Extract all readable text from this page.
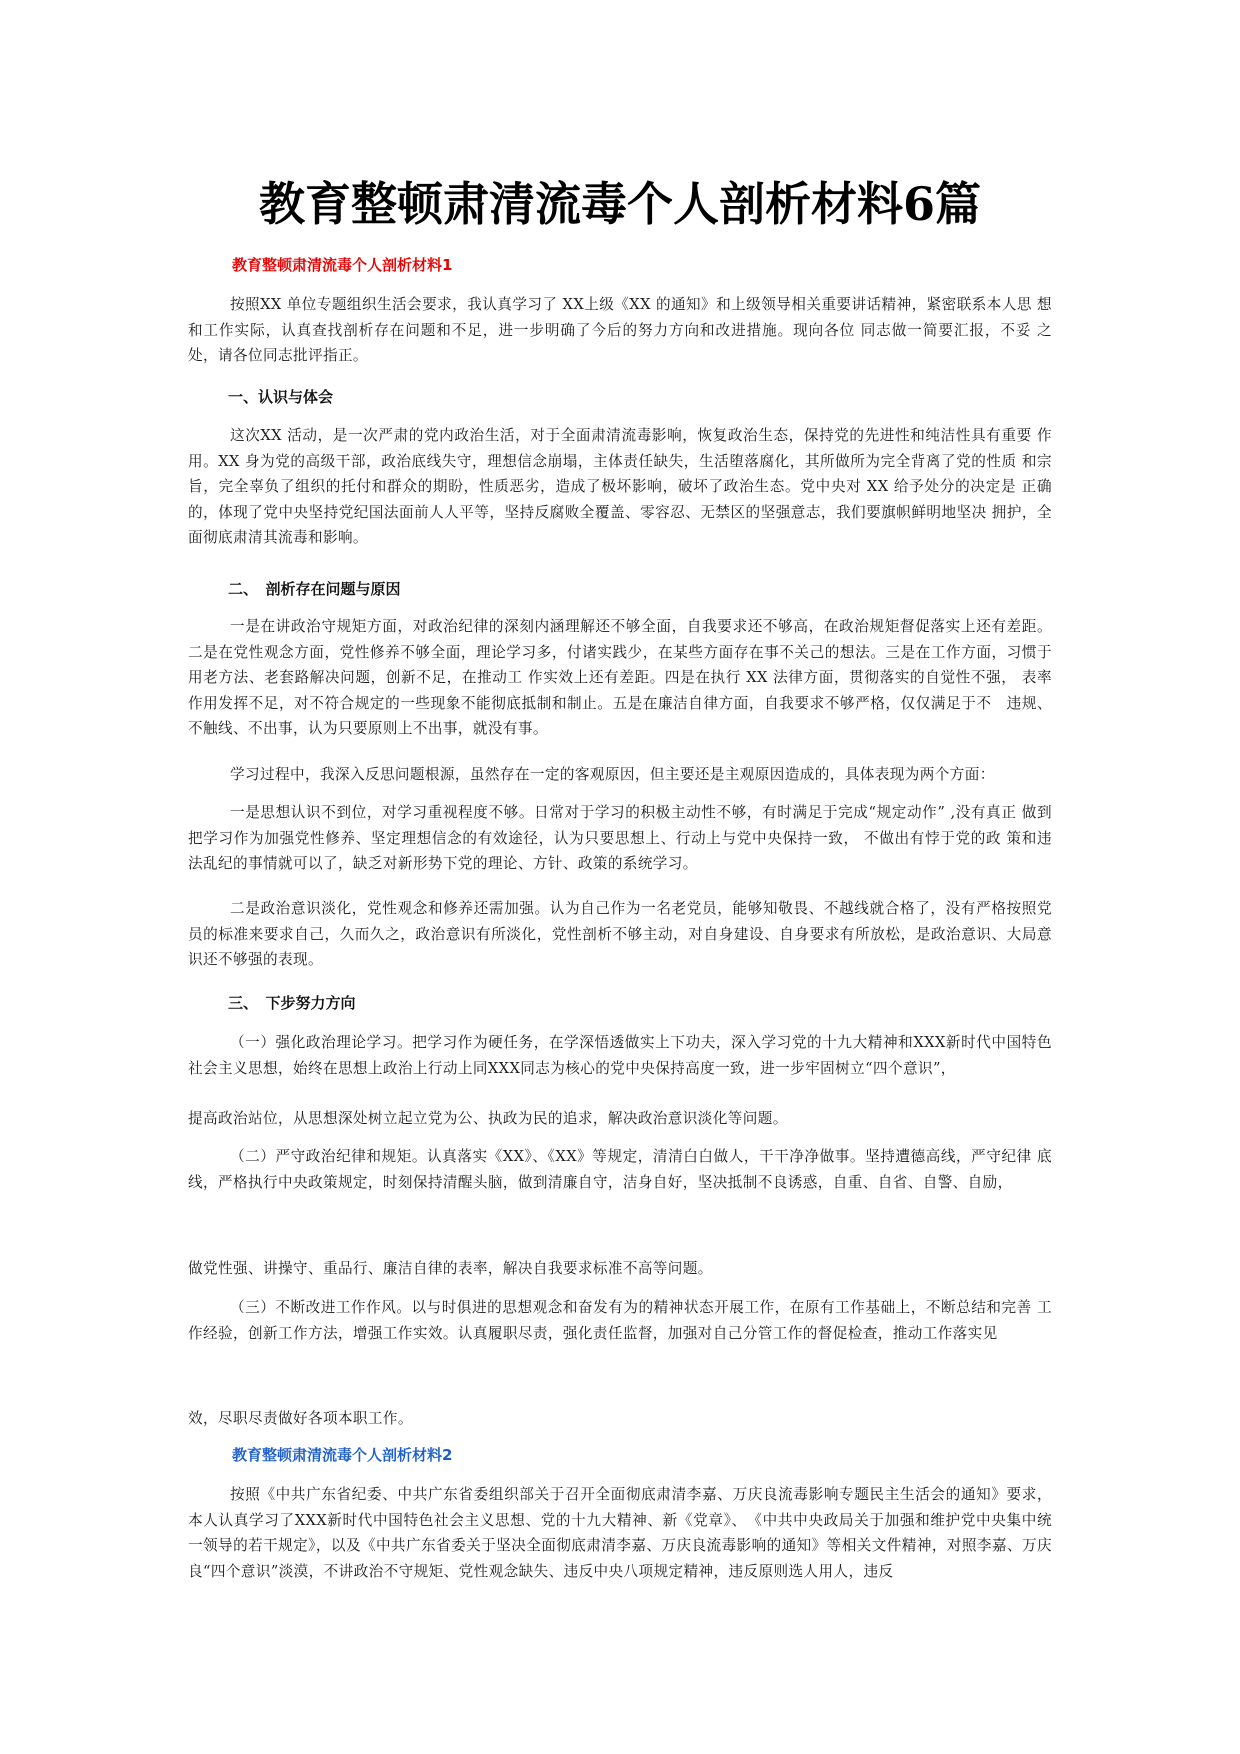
教育整顿肃清流毒个人剖析材料6篇
教育整顿肃清流毒个人剖析材料1

按照XX 单位专题组织生活会要求，我认真学习了 XX上级《XX 的通知》和上级领导相关重要讲话精神，紧密联系本人思 想和工作实际，认真查找剖析存在问题和不足，进一步明确了今后的努力方向和改进措施。现向各位 同志做一简要汇报，不妥 之处，请各位同志批评指正。

一、认识与体会

这次XX 活动，是一次严肃的党内政治生活，对于全面肃清流毒影响，恢复政治生态，保持党的先进性和纯洁性具有重要 作用。XX 身为党的高级干部，政治底线失守，理想信念崩塌，主体责任缺失，生活堕落腐化，其所做所为完全背离了党的性质 和宗旨，完全辜负了组织的托付和群众的期盼，性质恶劣，造成了极坏影响，破坏了政治生态。党中央对 XX 给予处分的决定是 正确的，体现了党中央坚持党纪国法面前人人平等，坚持反腐败全覆盖、零容忍、无禁区的坚强意志，我们要旗帜鲜明地坚决 拥护，全面彻底肃清其流毒和影响。

二、　剖析存在问题与原因

一是在讲政治守规矩方面，对政治纪律的深刻内涵理解还不够全面，自我要求还不够高，在政治规矩督促落实上还有差距。二是在党性观念方面，党性修养不够全面，理论学习多，付诸实践少，在某些方面存在事不关己的想法。三是在工作方面，习惯于用老方法、老套路解决问题，创新不足，在推动工 作实效上还有差距。四是在执行 XX 法律方面，贯彻落实的自觉性不强， 表率作用发挥不足，对不符合规定的一些现象不能彻底抵制和制止。五是在廉洁自律方面，自我要求不够严格，仅仅满足于不　违规、不触线、不出事，认为只要原则上不出事，就没有事。

学习过程中，我深入反思问题根源，虽然存在一定的客观原因，但主要还是主观原因造成的，具体表现为两个方面：

一是思想认识不到位，对学习重视程度不够。日常对于学习的积极主动性不够，有时满足于完成“规定动作” ,没有真正 做到把学习作为加强党性修养、坚定理想信念的有效途径，认为只要思想上、行动上与党中央保持一致， 不做出有悖于党的政 策和违法乱纪的事情就可以了，缺乏对新形势下党的理论、方针、政策的系统学习。

二是政治意识淡化，党性观念和修养还需加强。认为自己作为一名老党员，能够知敬畏、不越线就合格了，没有严格按照党员的标准来要求自己，久而久之，政治意识有所淡化，党性剖析不够主动，对自身建设、自身要求有所放松，是政治意识、大局意识还不够强的表现。

三、　下步努力方向

（一）强化政治理论学习。把学习作为硬任务，在学深悟透做实上下功夫，深入学习党的十九大精神和XXX新时代中国特色社会主义思想，始终在思想上政治上行动上同XXX同志为核心的党中央保持高度一致，进一步牢固树立“四个意识”，

提高政治站位，从思想深处树立起立党为公、执政为民的追求，解决政治意识淡化等问题。

（二）严守政治纪律和规矩。认真落实《XX》、《XX》等规定，清清白白做人，干干净净做事。坚持遭德高线，严守纪律 底线，严格执行中央政策规定，时刻保持清醒头脑，做到清廉自守，洁身自好，坚决抵制不良诱惑，自重、自省、自警、自励，

做党性强、讲操守、重品行、廉洁自律的表率，解决自我要求标准不高等问题。

（三）不断改进工作作风。以与时俱进的思想观念和奋发有为的精神状态开展工作，在原有工作基础上，不断总结和完善 工作经验，创新工作方法，增强工作实效。认真履职尽责，强化责任监督，加强对自己分管工作的督促检查，推动工作落实见

效，尽职尽责做好各项本职工作。

教育整顿肃清流毒个人剖析材料2

按照《中共广东省纪委、中共广东省委组织部关于召开全面彻底肃清李嘉、万庆良流毒影响专题民主生活会的通知》要求，本人认真学习了XXX新时代中国特色社会主义思想、党的十九大精神、新《党章》、　《中共中央政局关于加强和维护党中央集中统一领导的若干规定》，以及《中共广东省委关于坚决全面彻底肃清李嘉、万庆良流毒影响的通知》等相关文件精神，对照李嘉、万庆良“四个意识”淡漠，不讲政治不守规矩、党性观念缺失、违反中央八项规定精神，违反原则选人用人，违反
